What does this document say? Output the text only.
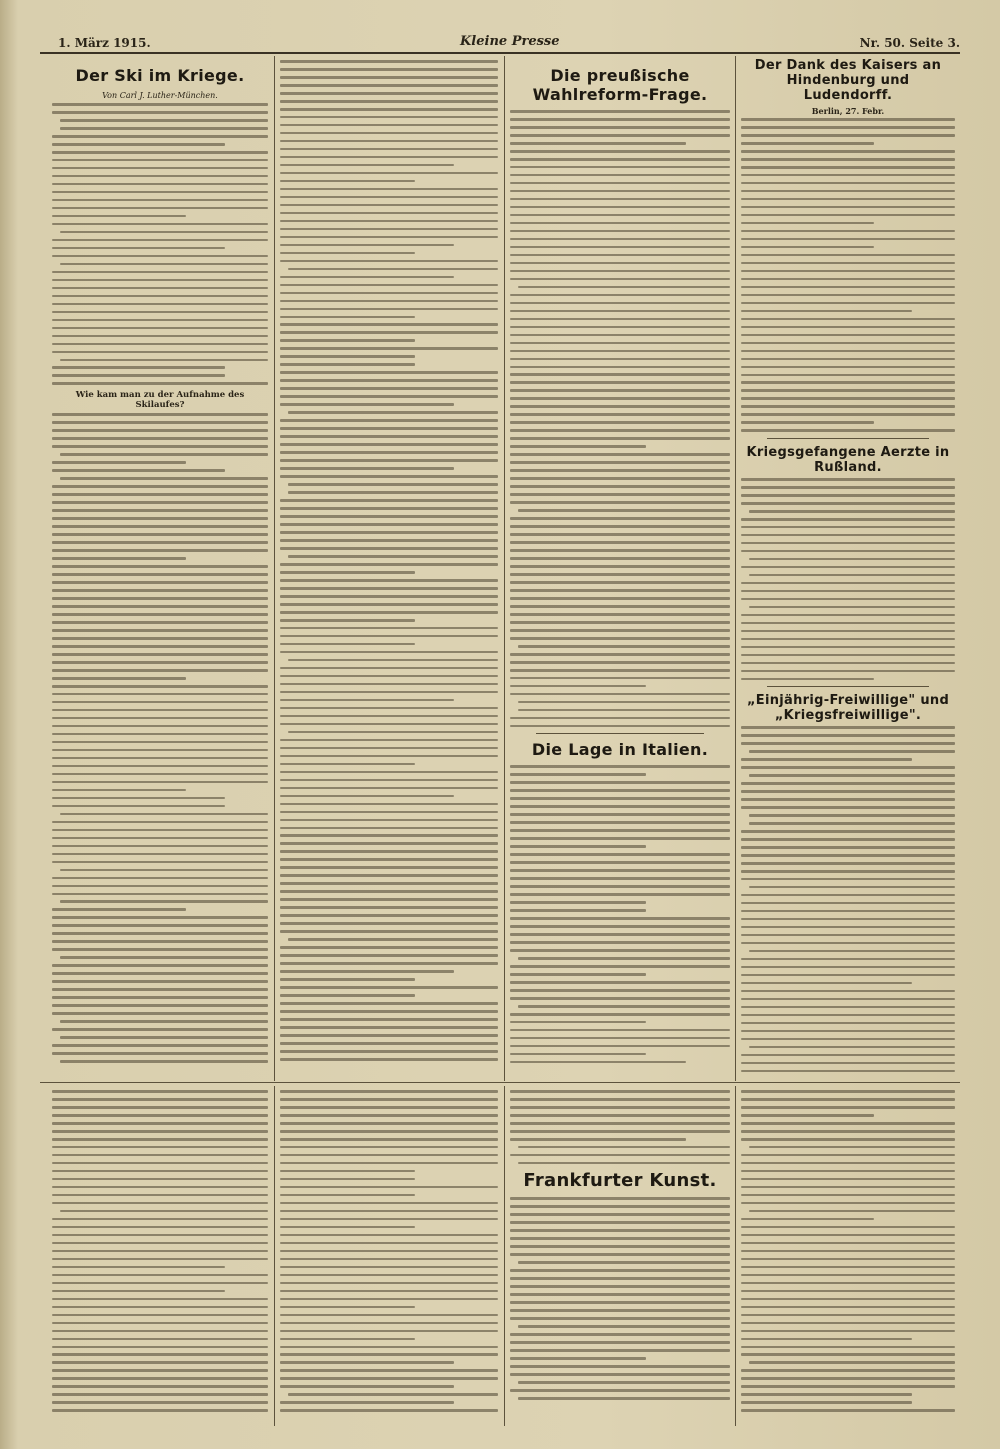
1. März 1915.	Kleine Presse	Nr. 50. Seite 3.
Der Ski im Kriege.
Von Carl J. Luther-München.
Wie kam man zu der Aufnahme des Skilaufes?
Die preußische Wahlreform-Frage.
Die Lage in Italien.
Der Dank des Kaisers an Hindenburg und Ludendorff.
Berlin, 27. Febr.
Kriegsgefangene Aerzte in Rußland.
„Einjährig-Freiwillige" und „Kriegsfreiwillige".
Frankfurter Kunst.
